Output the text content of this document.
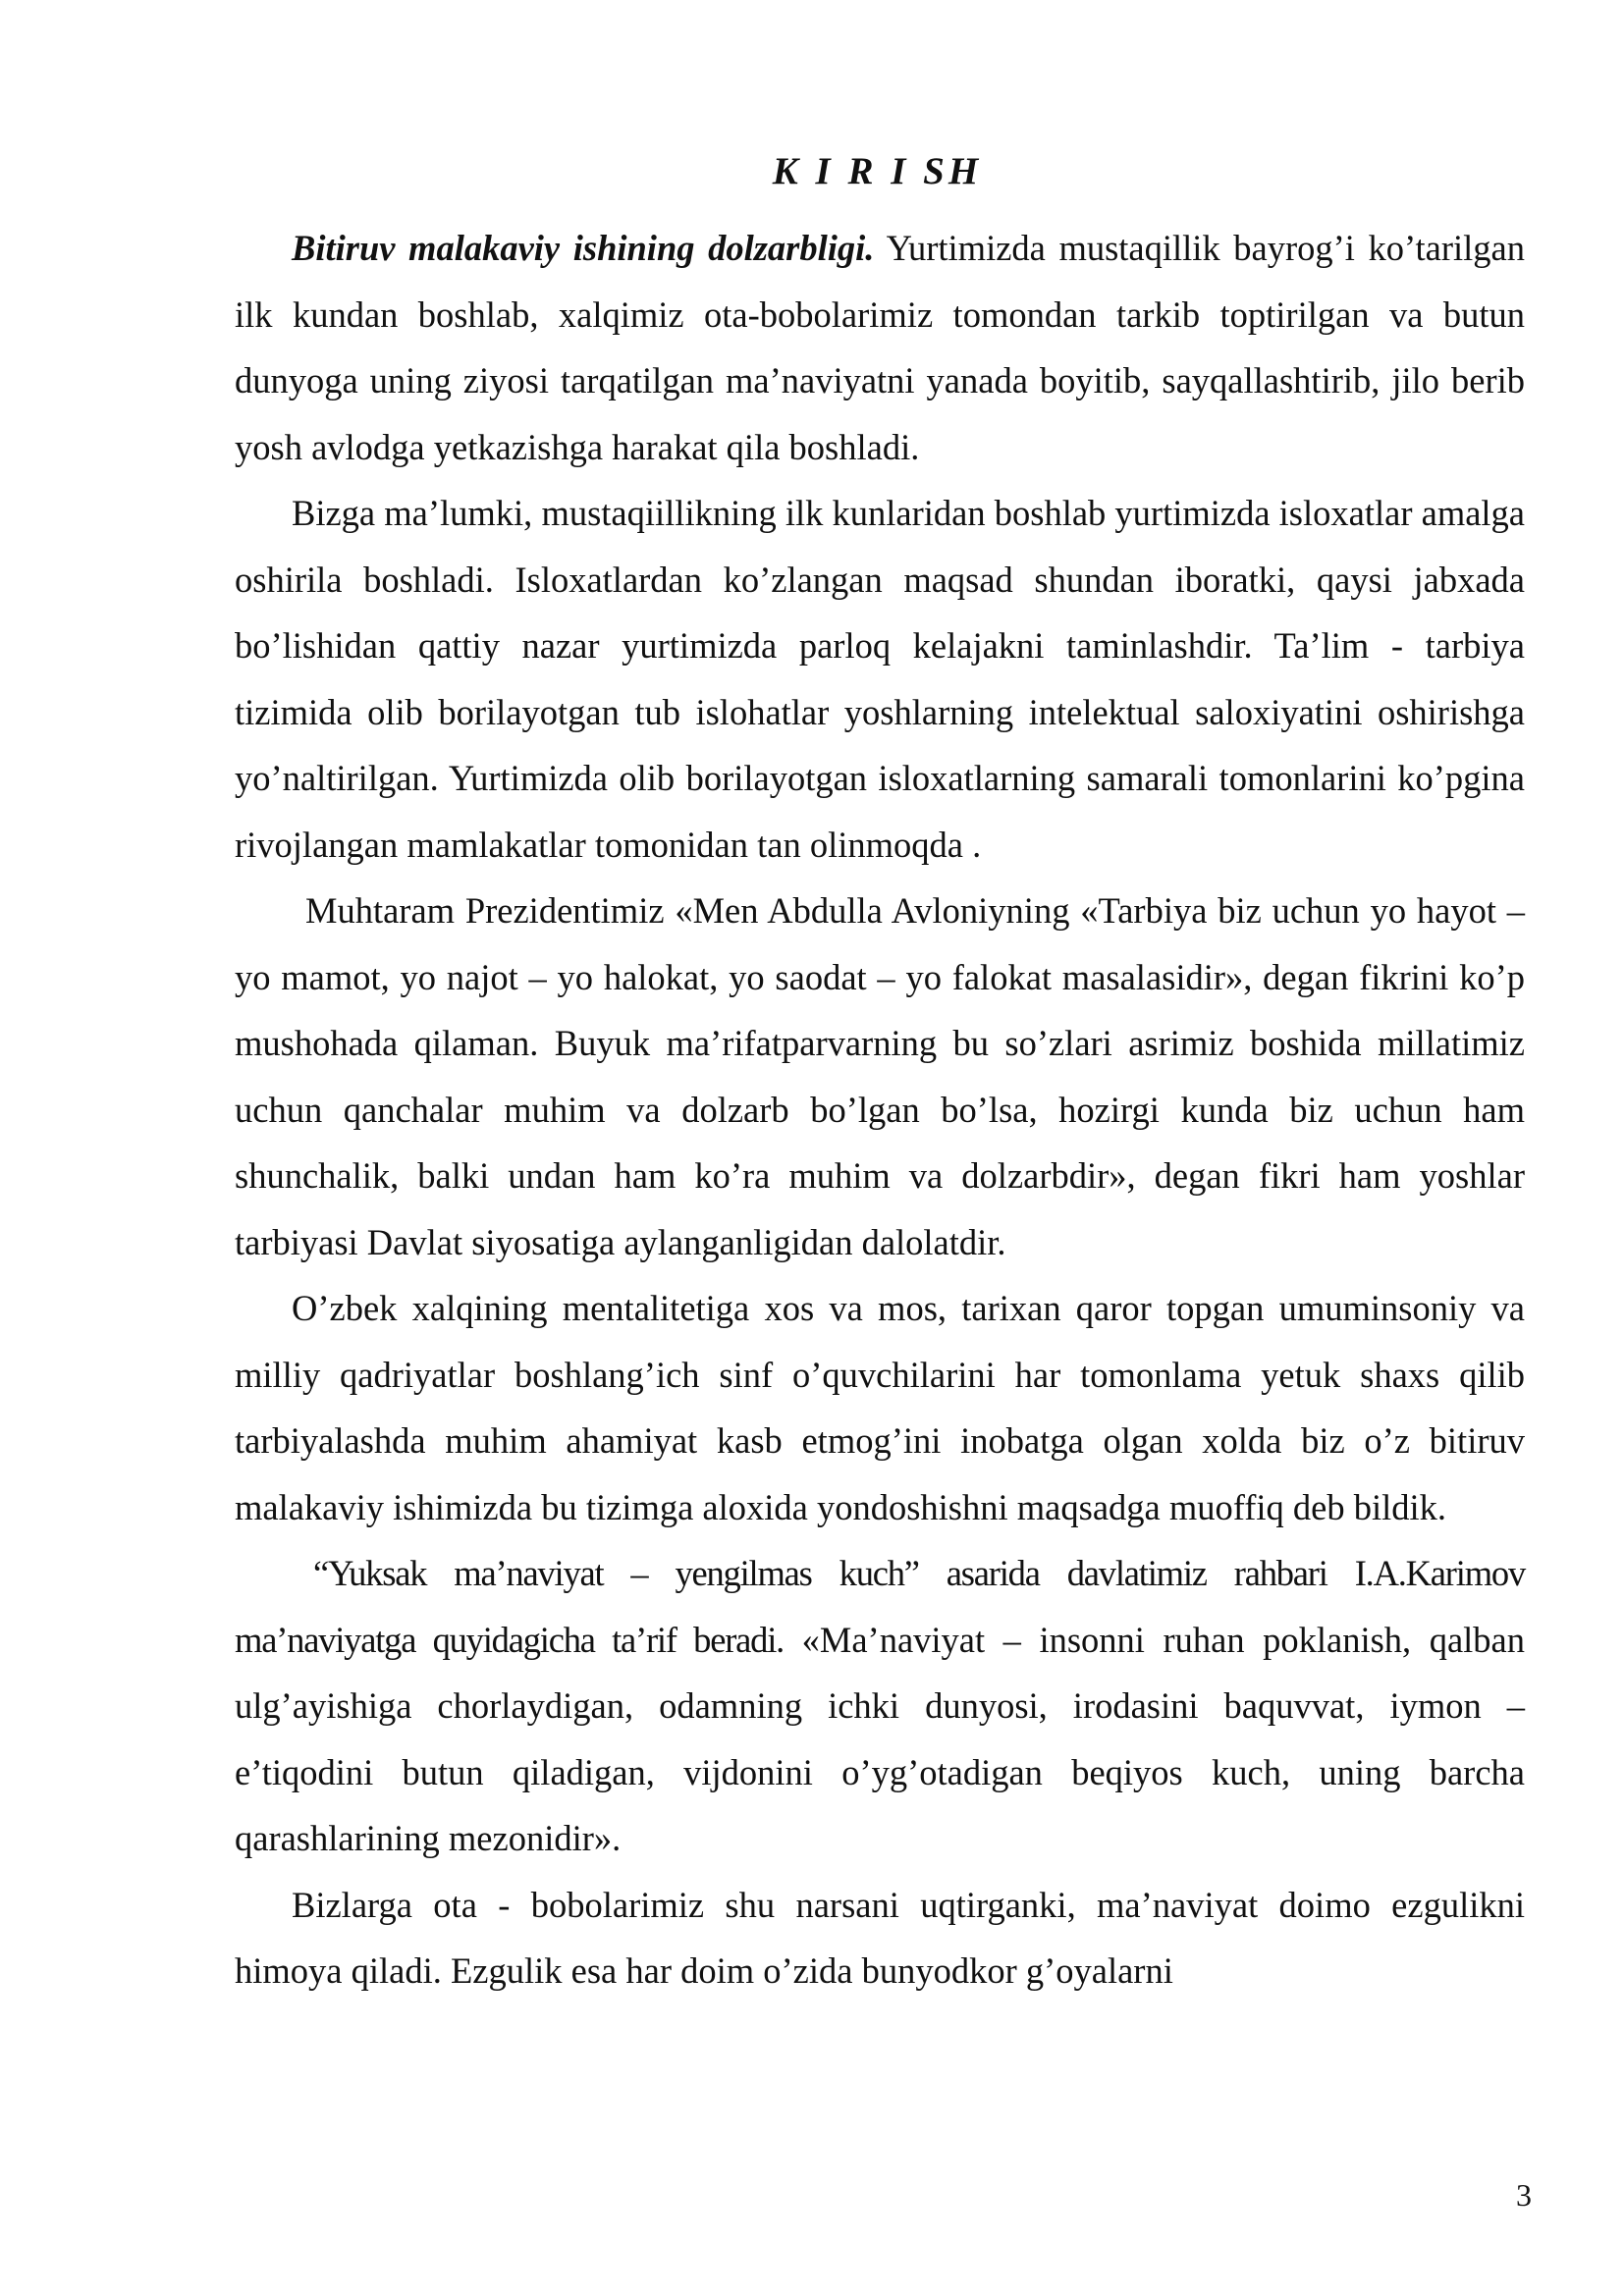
K I R I SH

Bitiruv malakaviy ishining dolzarbligi. Yurtimizda mustaqillik bayrog’i ko’tarilgan ilk kundan boshlab, xalqimiz ota-bobolarimiz tomondan tarkib toptirilgan va butun dunyoga uning ziyosi tarqatilgan ma’naviyatni yanada boyitib, sayqallashtirib, jilo berib yosh avlodga yetkazishga harakat qila boshladi.

Bizga ma’lumki, mustaqiillikning ilk kunlaridan boshlab yurtimizda isloxatlar amalga oshirila boshladi. Isloxatlardan ko’zlangan maqsad shundan iboratki, qaysi jabxada bo’lishidan qattiy nazar yurtimizda parloq kelajakni taminlashdir. Ta’lim - tarbiya tizimida olib borilayotgan tub islohatlar yoshlarning intelektual saloxiyatini oshirishga yo’naltirilgan. Yurtimizda olib borilayotgan isloxatlarning samarali tomonlarini ko’pgina rivojlangan mamlakatlar tomonidan tan olinmoqda .

Muhtaram Prezidentimiz «Men Abdulla Avloniyning «Tarbiya biz uchun yo hayot – yo mamot, yo najot – yo halokat, yo saodat – yo falokat masalasidir», degan fikrini ko’p mushohada qilaman. Buyuk ma’rifatparvarning bu so’zlari asrimiz boshida millatimiz uchun qanchalar muhim va dolzarb bo’lgan bo’lsa, hozirgi kunda biz uchun ham shunchalik, balki undan ham ko’ra muhim va dolzarbdir», degan fikri ham yoshlar tarbiyasi Davlat siyosatiga aylanganligidan dalolatdir.

O’zbek xalqining mentalitetiga xos va mos, tarixan qaror topgan umuminsoniy va milliy qadriyatlar boshlang’ich sinf o’quvchilarini har tomonlama yetuk shaxs qilib tarbiyalashda muhim ahamiyat kasb etmog’ini inobatga olgan xolda biz o’z bitiruv malakaviy ishimizda bu tizimga aloxida yondoshishni maqsadga muoffiq deb bildik.

“Yuksak ma’naviyat – yengilmas kuch” asarida davlatimiz rahbari I.A.Karimov ma’naviyatga quyidagicha ta’rif beradi. «Ma’naviyat – insonni ruhan poklanish, qalban ulg’ayishiga chorlaydigan, odamning ichki dunyosi, irodasini baquvvat, iymon – e’tiqodini butun qiladigan, vijdonini o’yg’otadigan beqiyos kuch, uning barcha qarashlarining mezonidir».

Bizlarga ota - bobolarimiz shu narsani uqtirganki, ma’naviyat doimo ezgulikni himoya qiladi. Ezgulik esa har doim o’zida bunyodkor g’oyalarni

3
